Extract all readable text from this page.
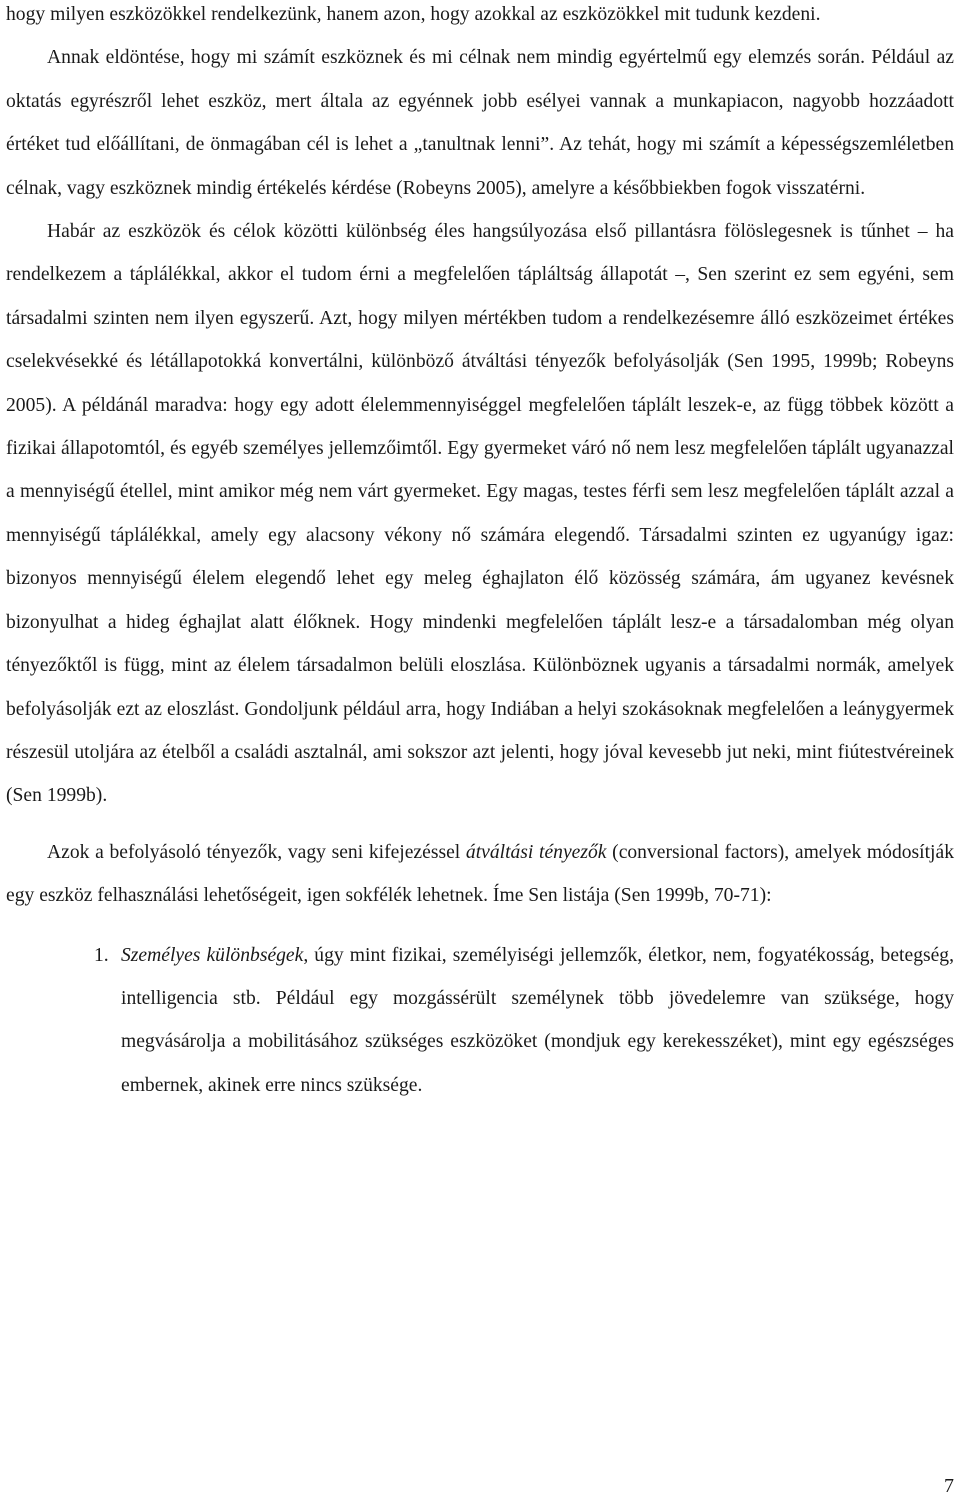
hogy milyen eszközökkel rendelkezünk, hanem azon, hogy azokkal az eszközökkel mit tudunk kezdeni.

Annak eldöntése, hogy mi számít eszköznek és mi célnak nem mindig egyértelmű egy elemzés során. Például az oktatás egyrészről lehet eszköz, mert általa az egyénnek jobb esélyei vannak a munkapiacon, nagyobb hozzáadott értéket tud előállítani, de önmagában cél is lehet a „tanultnak lenni”. Az tehát, hogy mi számít a képességszemléletben célnak, vagy eszköznek mindig értékelés kérdése (Robeyns 2005), amelyre a későbbiekben fogok visszatérni.

Habár az eszközök és célok közötti különbség éles hangsúlyozása első pillantásra fölöslegesnek is tűnhet – ha rendelkezem a táplálékkal, akkor el tudom érni a megfelelően tápláltság állapotát –, Sen szerint ez sem egyéni, sem társadalmi szinten nem ilyen egyszerű. Azt, hogy milyen mértékben tudom a rendelkezésemre álló eszközeimet értékes cselekvésekké és létállapotokká konvertálni, különböző átváltási tényezők befolyásolják (Sen 1995, 1999b; Robeyns 2005). A példánál maradva: hogy egy adott élelemmennyiséggel megfelelően táplált leszek-e, az függ többek között a fizikai állapotomtól, és egyéb személyes jellemzőimtől. Egy gyermeket váró nő nem lesz megfelelően táplált ugyanazzal a mennyiségű étellel, mint amikor még nem várt gyermeket. Egy magas, testes férfi sem lesz megfelelően táplált azzal a mennyiségű táplálékkal, amely egy alacsony vékony nő számára elegendő. Társadalmi szinten ez ugyanúgy igaz: bizonyos mennyiségű élelem elegendő lehet egy meleg éghajlaton élő közösség számára, ám ugyanez kevésnek bizonyulhat a hideg éghajlat alatt élőknek. Hogy mindenki megfelelően táplált lesz-e a társadalomban még olyan tényezőktől is függ, mint az élelem társadalmon belüli eloszlása. Különböznek ugyanis a társadalmi normák, amelyek befolyásolják ezt az eloszlást. Gondoljunk például arra, hogy Indiában a helyi szokásoknak megfelelően a leánygyermek részesül utoljára az ételből a családi asztalnál, ami sokszor azt jelenti, hogy jóval kevesebb jut neki, mint fiútestvéreinek (Sen 1999b).

Azok a befolyásoló tényezők, vagy seni kifejezéssel átváltási tényezők (conversional factors), amelyek módosítják egy eszköz felhasználási lehetőségeit, igen sokfélék lehetnek. Íme Sen listája (Sen 1999b, 70-71):

1. Személyes különbségek, úgy mint fizikai, személyiségi jellemzők, életkor, nem, fogyatékosság, betegség, intelligencia stb. Például egy mozgássérült személynek több jövedelemre van szüksége, hogy megvásárolja a mobilitásához szükséges eszközöket (mondjuk egy kerekesszéket), mint egy egészséges embernek, akinek erre nincs szüksége.
7
